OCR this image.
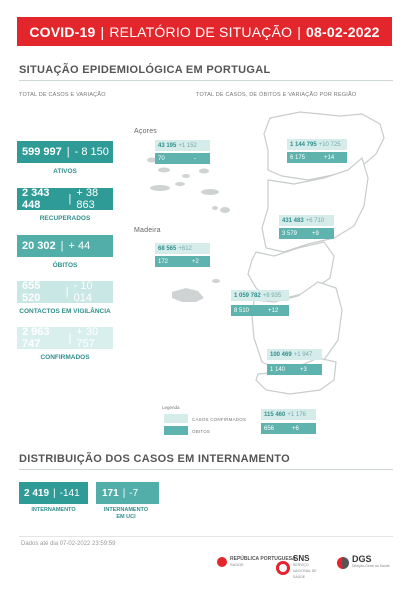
COVID-19 | RELATÓRIO DE SITUAÇÃO | 08-02-2022
SITUAÇÃO EPIDEMIOLÓGICA EM PORTUGAL
TOTAL DE CASOS E VARIAÇÃO	TOTAL DE CASOS, DE ÓBITOS E VARIAÇÃO POR REGIÃO
599 997 | - 8 150
ATIVOS
2 343 448	| + 38 863
RECUPERADOS
20 302 | + 44
ÓBITOS
655 520	| - 10 014
CONTACTOS EM VIGILÂNCIA
2 963 747	| + 30 757
CONFIRMADOS
Açores
Madeira
43 195 +1 152
70	-
1 144 795 +10 725
6 175	+14
431 483 +6 710
3 579	+9
68 565 +612
172	+2
1 059 782 +8 935
8 510	+12
100 469 +1 947
1 140	+3
115 460 +1 176
656	+6
Legenda
CASOS CONFIRMADOS
ÓBITOS
DISTRIBUIÇÃO DOS CASOS EM INTERNAMENTO
2 419 | -141
INTERNAMENTO
171 | -7
INTERNAMENTO EM UCI
Dados até dia 07-02-2022 23:59:59
REPÚBLICA PORTUGUESA
SAÚDE
SNS
SERVIÇO NACIONAL DE SAÚDE
DGS
Direção-Geral da Saúde
